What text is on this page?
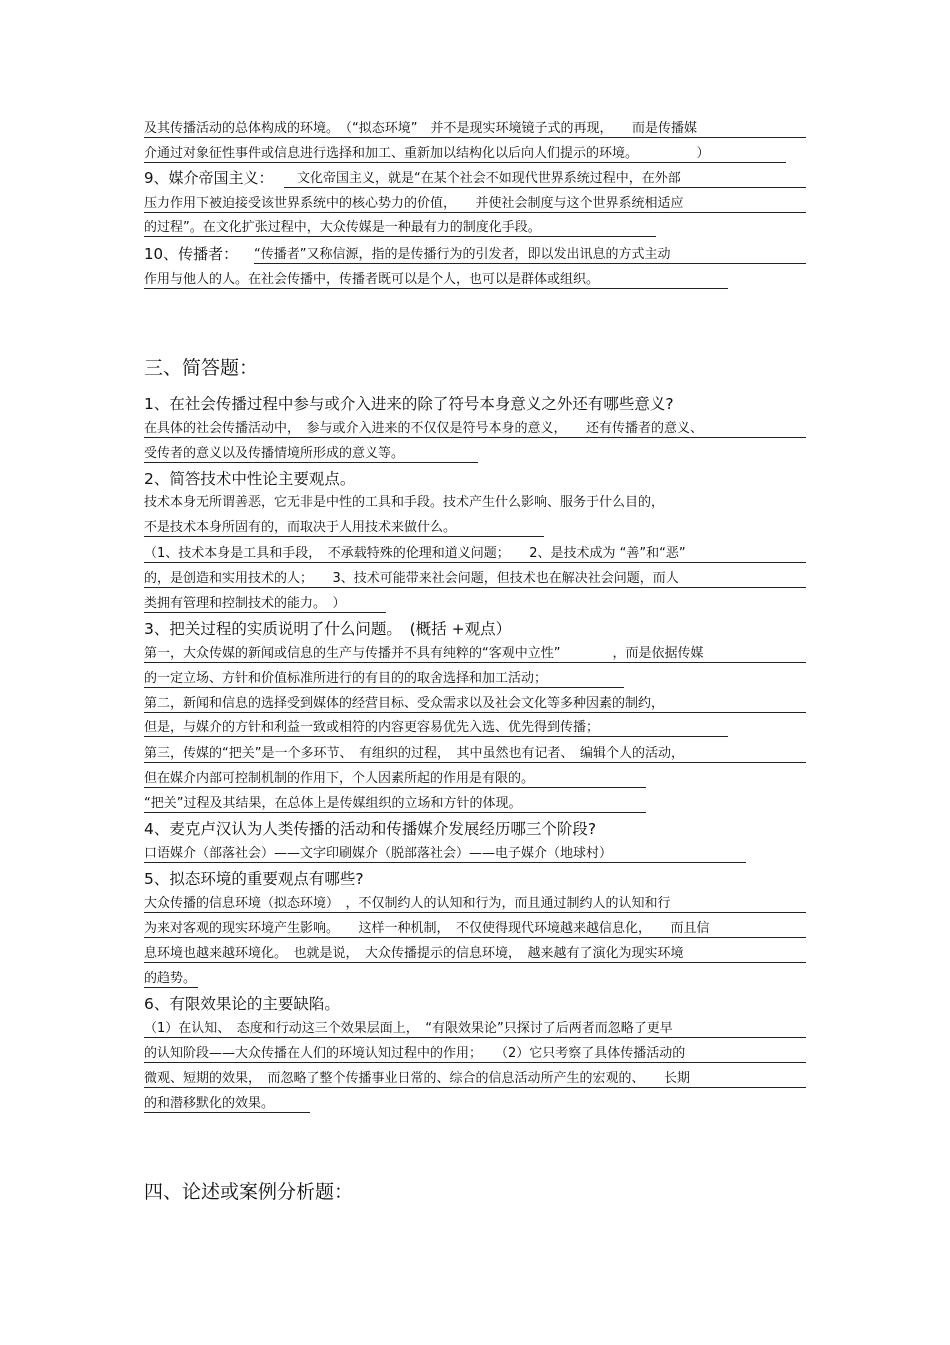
及其传播活动的总体构成的环境。　（“拟态环境”　并不是现实环境镜子式的再现，　　而是传播媒
介通过对象征性事件或信息进行选择和加工、重新加以结构化以后向人们提示的环境。　　　　　）
9、媒介帝国主义： 　文化帝国主义，就是“在某个社会不如现代世界系统过程中，在外部
压力作用下被迫接受该世界系统中的核心势力的价值，　　并使社会制度与这个世界系统相适应
的过程”。在文化扩张过程中，大众传媒是一种最有力的制度化手段。
10、传播者： “传播者”又称信源，指的是传播行为的引发者，即以发出讯息的方式主动
作用与他人的人。在社会传播中，传播者既可以是个人，也可以是群体或组织。
三、简答题：
1、在社会传播过程中参与或介入进来的除了符号本身意义之外还有哪些意义?
在具体的社会传播活动中，　参与或介入进来的不仅仅是符号本身的意义，　　还有传播者的意义、
受传者的意义以及传播情境所形成的意义等。
2、简答技术中性论主要观点。
技术本身无所谓善恶，它无非是中性的工具和手段。技术产生什么影响、服务于什么目的，
不是技术本身所固有的，而取决于人用技术来做什么。
（1、技术本身是工具和手段，　不承载特殊的伦理和道义问题；　　2、是技术成为 “善”和“恶”
的，是创造和实用技术的人；　　3、技术可能带来社会问题，但技术也在解决社会问题，而人
类拥有管理和控制技术的能力。　）
3、把关过程的实质说明了什么问题。　(概括 +观点）
第一，大众传媒的新闻或信息的生产与传播并不具有纯粹的“客观中立性”　　　　，而是依据传媒
的一定立场、方针和价值标准所进行的有目的的取舍选择和加工活动；
第二，新闻和信息的选择受到媒体的经营目标、受众需求以及社会文化等多种因素的制约，
但是，与媒介的方针和利益一致或相符的内容更容易优先入选、优先得到传播；
第三，传媒的“把关”是一个多环节、　有组织的过程，　其中虽然也有记者、　编辑个人的活动，
但在媒介内部可控制机制的作用下，个人因素所起的作用是有限的。
“把关”过程及其结果，在总体上是传媒组织的立场和方针的体现。
4、麦克卢汉认为人类传播的活动和传播媒介发展经历哪三个阶段?
口语媒介（部落社会）——文字印刷媒介（脱部落社会）——电子媒介（地球村）
5、拟态环境的重要观点有哪些?
大众传播的信息环境（拟态环境）　，不仅制约人的认知和行为，而且通过制约人的认知和行
为来对客观的现实环境产生影响。　　这样一种机制，　不仅使得现代环境越来越信息化，　　而且信
息环境也越来越环境化。　也就是说，　大众传播提示的信息环境，　越来越有了演化为现实环境
的趋势。
6、有限效果论的主要缺陷。
（1）在认知、　态度和行动这三个效果层面上，　“有限效果论”只探讨了后两者而忽略了更早
的认知阶段——大众传播在人们的环境认知过程中的作用；　　（2）它只考察了具体传播活动的
微观、短期的效果，　而忽略了整个传播事业日常的、综合的信息活动所产生的宏观的、　　长期
的和潜移默化的效果。
四、论述或案例分析题：
